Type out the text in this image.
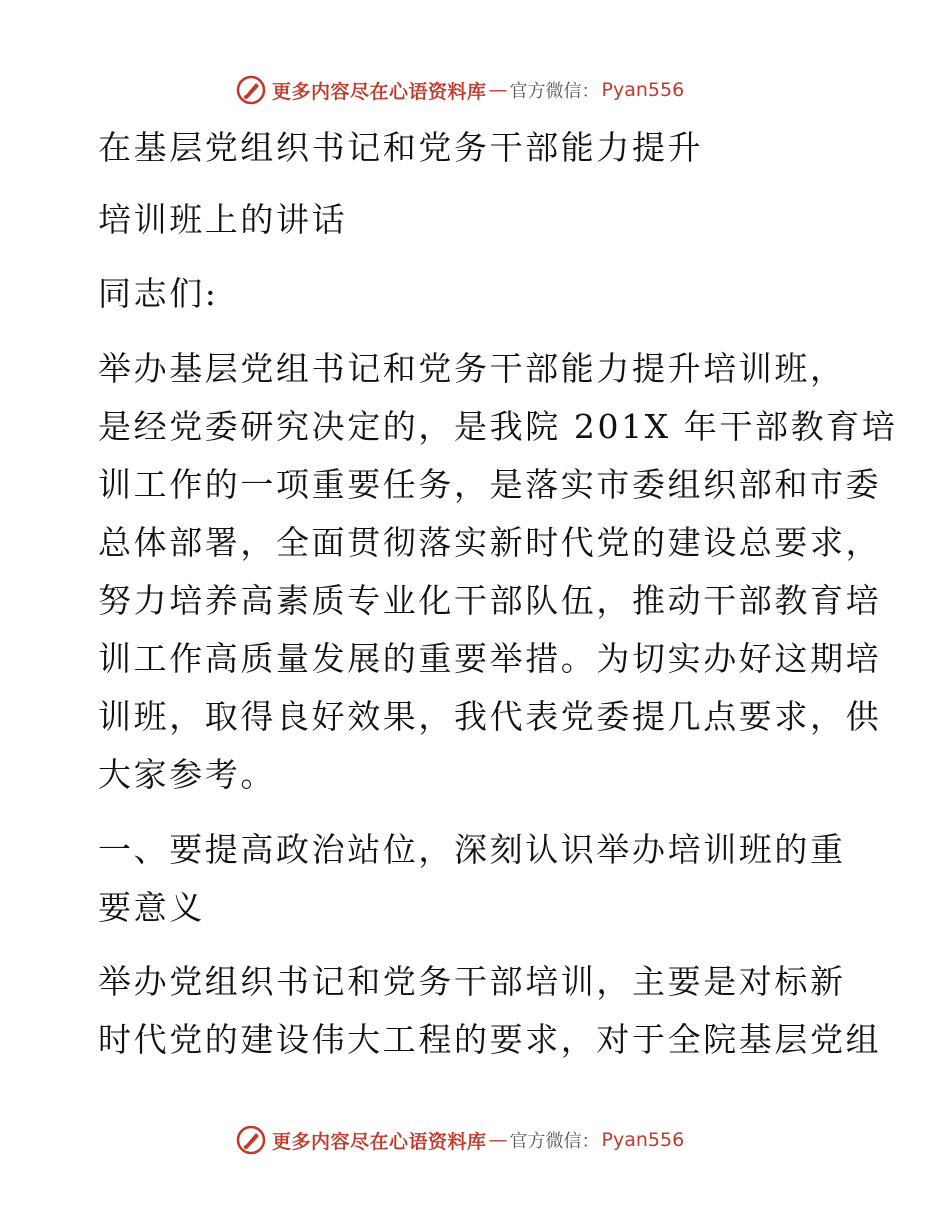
更多内容尽在心语资料库 — 官方微信： Pyan556
在基层党组织书记和党务干部能力提升
培训班上的讲话
同志们:
举办基层党组书记和党务干部能力提升培训班，
是经党委研究决定的，是我院 201X 年干部教育培
训工作的一项重要任务，是落实市委组织部和市委
总体部署，全面贯彻落实新时代党的建设总要求，
努力培养高素质专业化干部队伍，推动干部教育培
训工作高质量发展的重要举措。为切实办好这期培
训班，取得良好效果，我代表党委提几点要求，供
大家参考。
一、要提高政治站位，深刻认识举办培训班的重
要意义
举办党组织书记和党务干部培训，主要是对标新
时代党的建设伟大工程的要求，对于全院基层党组
更多内容尽在心语资料库 — 官方微信： Pyan556
